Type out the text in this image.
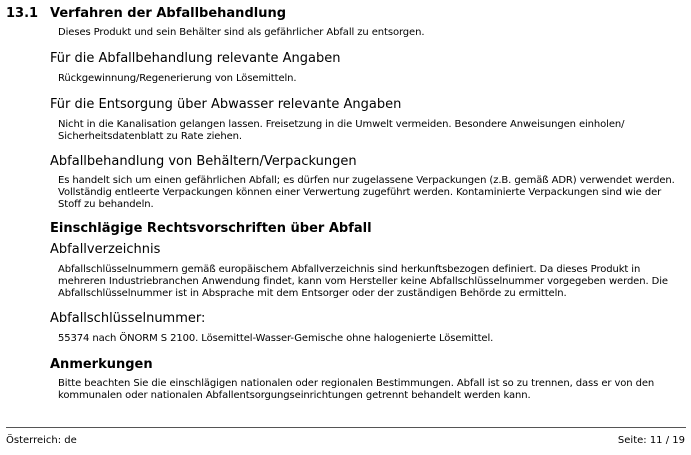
13.1 Verfahren der Abfallbehandlung

Dieses Produkt und sein Behälter sind als gefährlicher Abfall zu entsorgen.

Für die Abfallbehandlung relevante Angaben

Rückgewinnung/Regenerierung von Lösemitteln.

Für die Entsorgung über Abwasser relevante Angaben

Nicht in die Kanalisation gelangen lassen. Freisetzung in die Umwelt vermeiden. Besondere Anweisungen einholen/ Sicherheitsdatenblatt zu Rate ziehen.

Abfallbehandlung von Behältern/Verpackungen

Es handelt sich um einen gefährlichen Abfall; es dürfen nur zugelassene Verpackungen (z.B. gemäß ADR) verwendet werden. Vollständig entleerte Verpackungen können einer Verwertung zugeführt werden. Kontaminierte Verpackungen sind wie der Stoff zu behandeln.

Einschlägige Rechtsvorschriften über Abfall
Abfallverzeichnis

Abfallschlüsselnummern gemäß europäischem Abfallverzeichnis sind herkunftsbezogen definiert. Da dieses Produkt in mehreren Industriebranchen Anwendung findet, kann vom Hersteller keine Abfallschlüsselnummer vorgegeben werden. Die Abfallschlüsselnummer ist in Absprache mit dem Entsorger oder der zuständigen Behörde zu ermitteln.

Abfallschlüsselnummer:

55374 nach ÖNORM S 2100. Lösemittel-Wasser-Gemische ohne halogenierte Lösemittel.

Anmerkungen

Bitte beachten Sie die einschlägigen nationalen oder regionalen Bestimmungen. Abfall ist so zu trennen, dass er von den kommunalen oder nationalen Abfallentsorgungseinrichtungen getrennt behandelt werden kann.

Österreich: de	Seite: 11 / 19
